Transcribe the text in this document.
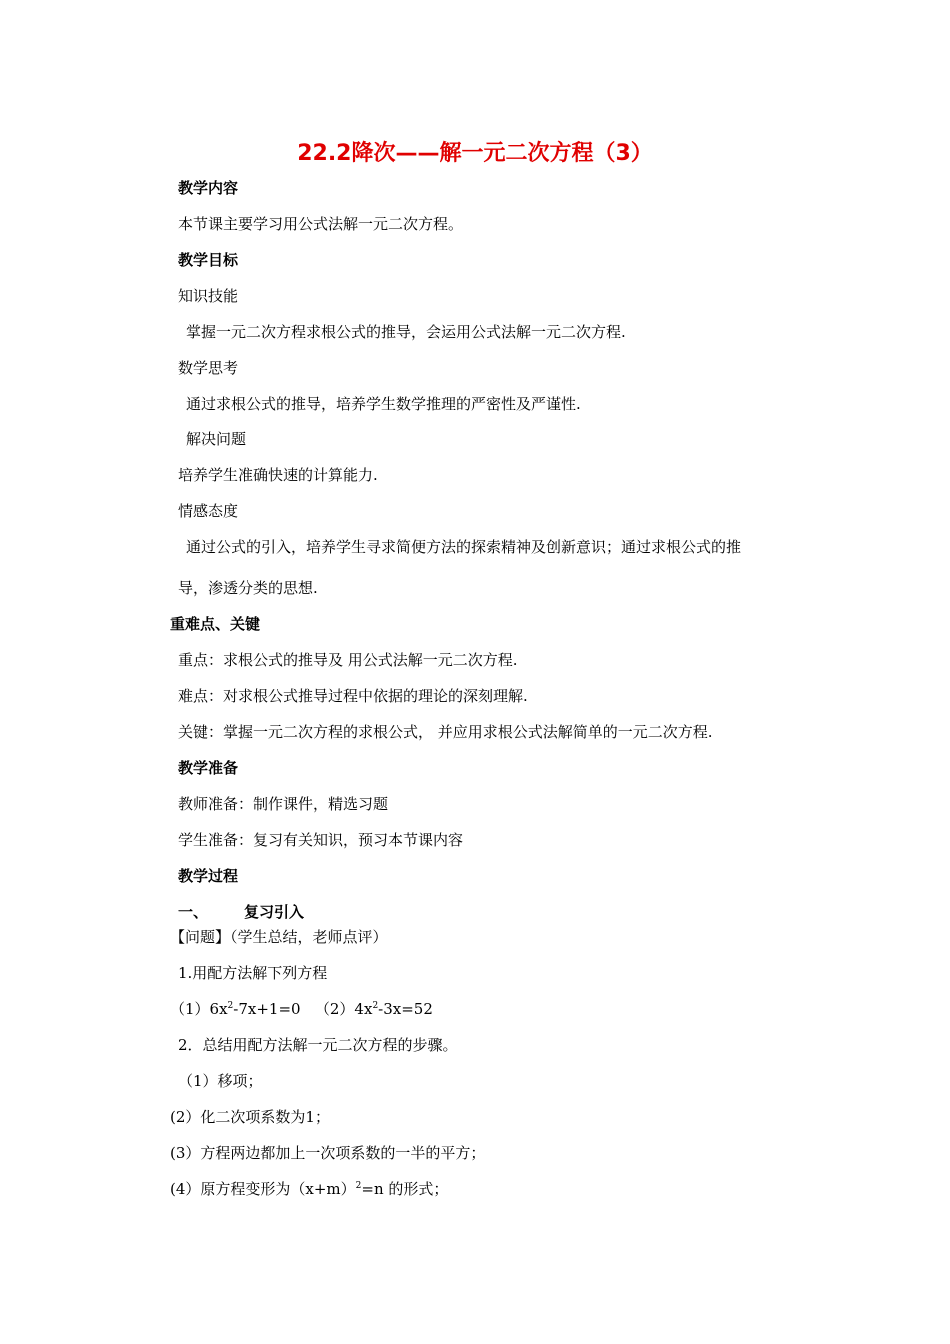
22.2降次——解一元二次方程（3）
教学内容
本节课主要学习用公式法解一元二次方程。
教学目标
知识技能
掌握一元二次方程求根公式的推导，会运用公式法解一元二次方程.
数学思考
通过求根公式的推导，培养学生数学推理的严密性及严谨性.
解决问题
培养学生准确快速的计算能力.
情感态度
通过公式的引入，培养学生寻求简便方法的探索精神及创新意识；通过求根公式的推
导，渗透分类的思想.
重难点、关键
重点：求根公式的推导及 用公式法解一元二次方程.
难点：对求根公式推导过程中依据的理论的深刻理解.
关键：掌握一元二次方程的求根公式， 并应用求根公式法解简单的一元二次方程.
教学准备
教师准备：制作课件，精选习题
学生准备：复习有关知识，预习本节课内容
教学过程
一、 复习引入
【问题】（学生总结，老师点评）
1.用配方法解下列方程
$(1)6x^2-7x+1=0$ $(2)4x^2-3x=52$
2．总结用配方法解一元二次方程的步骤。
（1）移项；
(2）化二次项系数为1；
(3）方程两边都加上一次项系数的一半的平方；
(4）原方程变形为$(x+m)^2=n$ 的形式；
